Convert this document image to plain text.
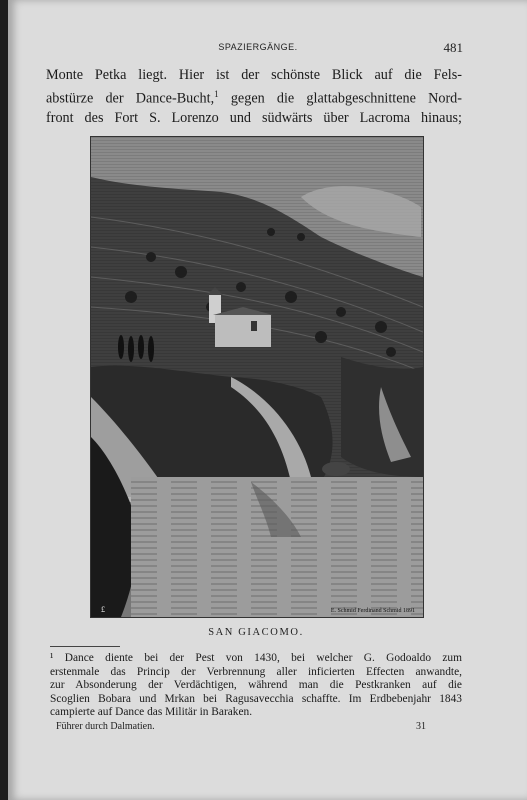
SPAZIERGÄNGE.	481
Monte Petka liegt. Hier ist der schönste Blick auf die Fels-
abstürze der Dance-Bucht,$^1$ gegen die glattabgeschnittene Nord-
front des Fort S. Lorenzo und südwärts über Lacroma hinaus;
E. Schmid Ferdinand Schmid 1891
£
SAN GIACOMO.
¹ Dance diente bei der Pest von 1430, bei welcher G. Godoaldo zum
erstenmale das Princip der Verbrennung aller inficierten Effecten anwandte,
zur Absonderung der Verdächtigen, während man die Pestkranken auf die
Scoglien Bobara und Mrkan bei Ragusavecchia schaffte. Im Erdbebenjahr 1843
campierte auf Dance das Militär in Baraken.
Führer durch Dalmatien.	31
